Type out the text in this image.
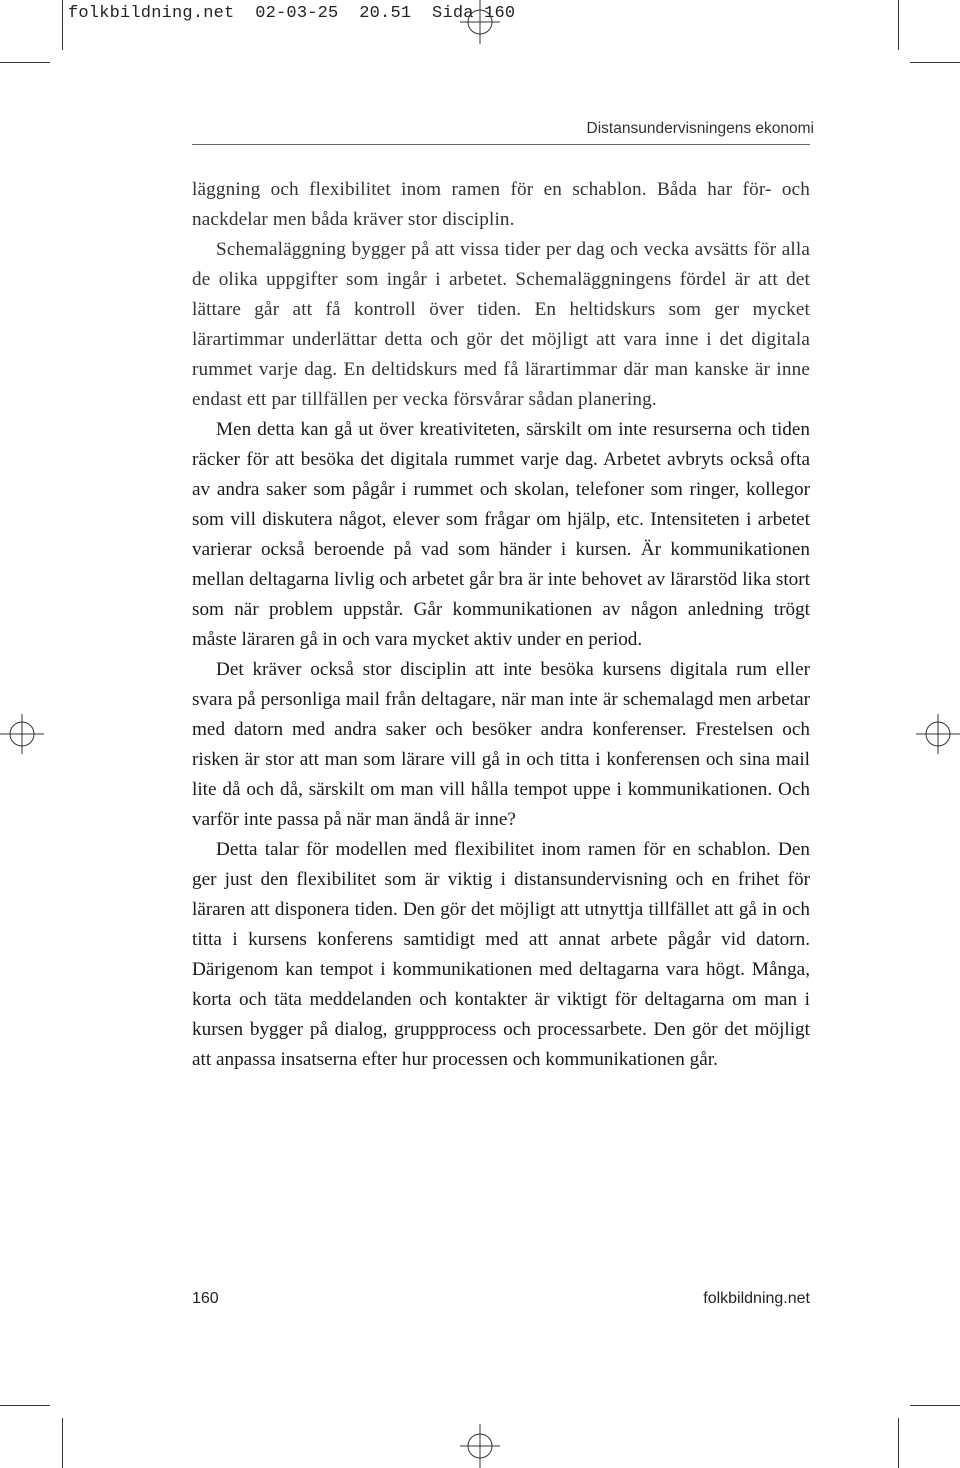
folkbildning.net  02-03-25  20.51  Sida 160
Distansundervisningens ekonomi

läggning och flexibilitet inom ramen för en schablon. Båda har för- och nackdelar men båda kräver stor disciplin.

Schemaläggning bygger på att vissa tider per dag och vecka avsätts för alla de olika uppgifter som ingår i arbetet. Schemaläggningens fördel är att det lättare går att få kontroll över tiden. En heltidskurs som ger mycket lärartimmar underlättar detta och gör det möjligt att vara inne i det digitala rummet varje dag. En deltidskurs med få lärartimmar där man kanske är inne endast ett par tillfällen per vecka försvårar sådan planering.

Men detta kan gå ut över kreativiteten, särskilt om inte resurserna och tiden räcker för att besöka det digitala rummet varje dag. Arbetet avbryts också ofta av andra saker som pågår i rummet och skolan, telefoner som ringer, kollegor som vill diskutera något, elever som frågar om hjälp, etc. Intensiteten i arbetet varierar också beroende på vad som händer i kursen. Är kommunikationen mellan deltagarna livlig och arbetet går bra är inte behovet av lärarstöd lika stort som när problem uppstår. Går kommunikationen av någon anledning trögt måste läraren gå in och vara mycket aktiv under en period.

Det kräver också stor disciplin att inte besöka kursens digitala rum eller svara på personliga mail från deltagare, när man inte är schemalagd men arbetar med datorn med andra saker och besöker andra konferenser. Frestelsen och risken är stor att man som lärare vill gå in och titta i konferensen och sina mail lite då och då, särskilt om man vill hålla tempot uppe i kommunikationen. Och varför inte passa på när man ändå är inne?

Detta talar för modellen med flexibilitet inom ramen för en schablon. Den ger just den flexibilitet som är viktig i distansundervisning och en frihet för läraren att disponera tiden. Den gör det möjligt att utnyttja tillfället att gå in och titta i kursens konferens samtidigt med att annat arbete pågår vid datorn. Därigenom kan tempot i kommunikationen med deltagarna vara högt. Många, korta och täta meddelanden och kontakter är viktigt för deltagarna om man i kursen bygger på dialog, gruppprocess och processarbete. Den gör det möjligt att anpassa insatserna efter hur processen och kommunikationen går.

160	folkbildning.net
